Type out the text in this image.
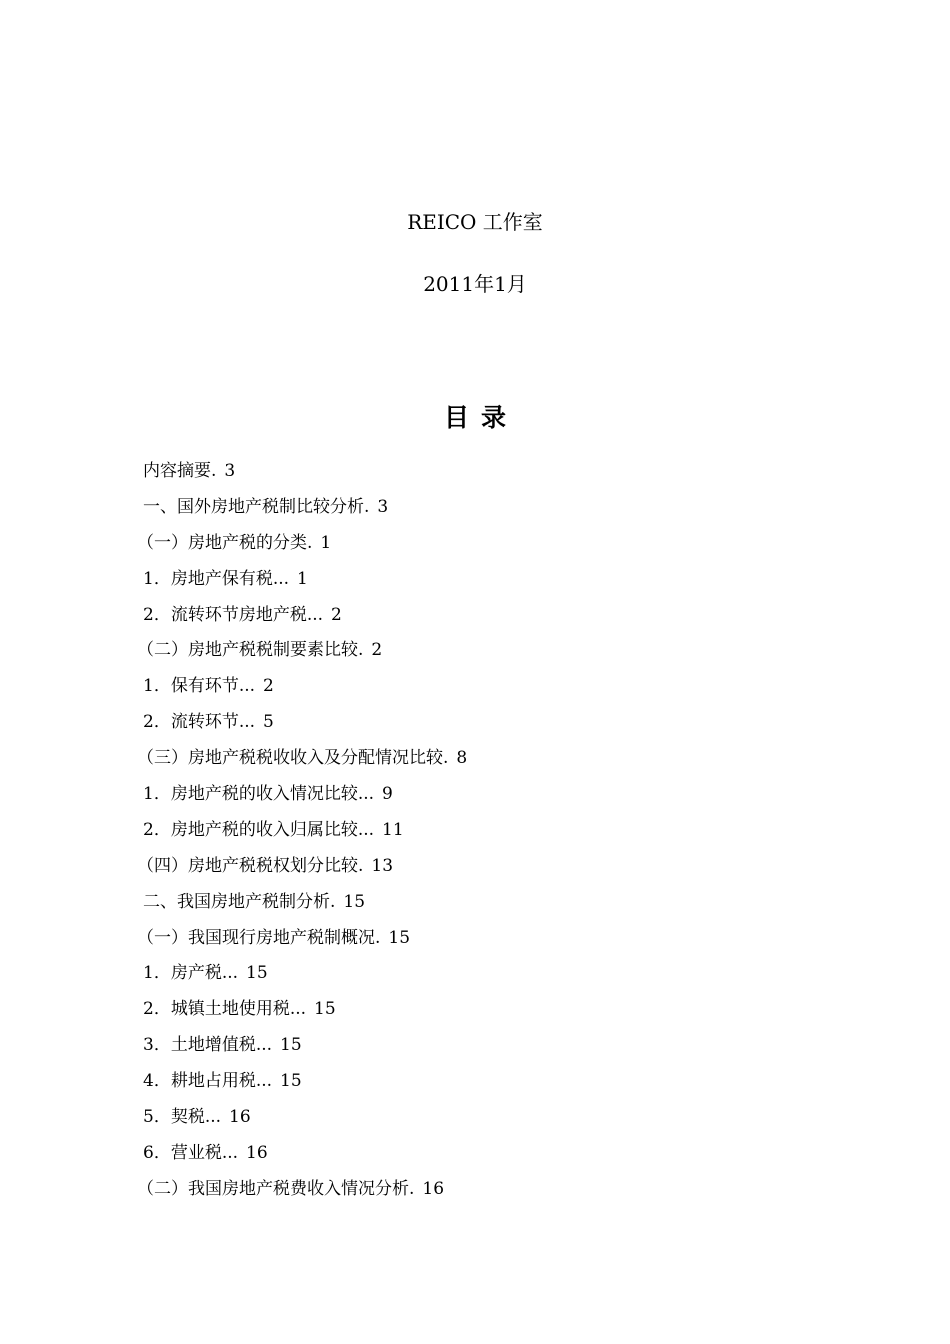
REICO 工作室
2011年1月
目录
内容摘要. 3
一、国外房地产税制比较分析. 3
（一）房地产税的分类. 1
1．房地产保有税... 1
2．流转环节房地产税... 2
（二）房地产税税制要素比较. 2
1．保有环节... 2
2．流转环节... 5
（三）房地产税税收收入及分配情况比较. 8
1．房地产税的收入情况比较... 9
2．房地产税的收入归属比较... 11
（四）房地产税税权划分比较. 13
二、我国房地产税制分析. 15
（一）我国现行房地产税制概况. 15
1．房产税... 15
2．城镇土地使用税... 15
3．土地增值税... 15
4．耕地占用税... 15
5．契税... 16
6．营业税... 16
（二）我国房地产税费收入情况分析. 16
